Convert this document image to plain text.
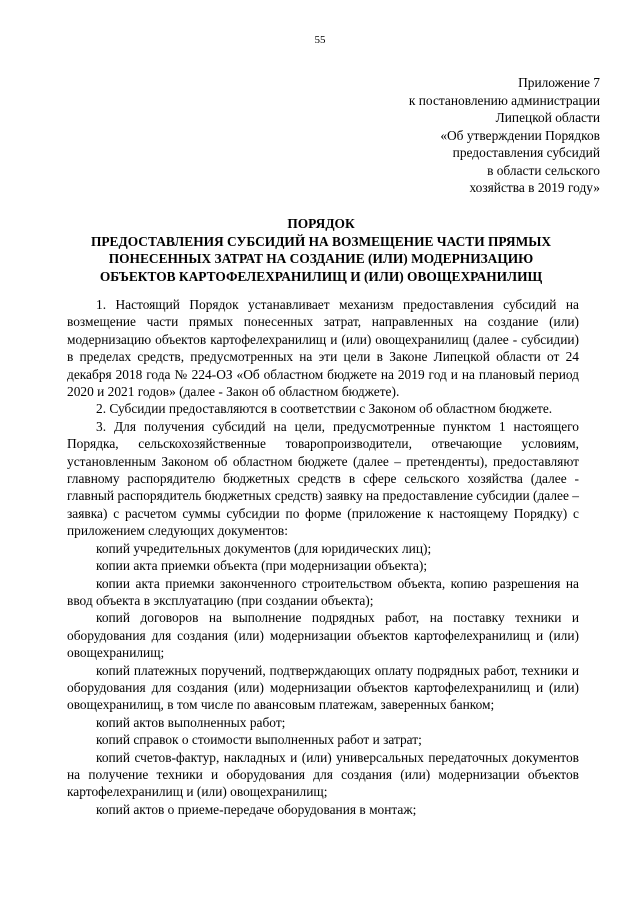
55
Приложение 7
к постановлению администрации
Липецкой области
«Об утверждении Порядков
предоставления субсидий
в области сельского
хозяйства в 2019 году»
ПОРЯДОК
ПРЕДОСТАВЛЕНИЯ СУБСИДИЙ НА ВОЗМЕЩЕНИЕ ЧАСТИ ПРЯМЫХ
ПОНЕСЕННЫХ ЗАТРАТ НА СОЗДАНИЕ (ИЛИ) МОДЕРНИЗАЦИЮ
ОБЪЕКТОВ КАРТОФЕЛЕХРАНИЛИЩ И (ИЛИ) ОВОЩЕХРАНИЛИЩ

1. Настоящий Порядок устанавливает механизм предоставления субсидий на возмещение части прямых понесенных затрат, направленных на создание (или) модернизацию объектов картофелехранилищ и (или) овощехранилищ (далее - субсидии) в пределах средств, предусмотренных на эти цели в Законе Липецкой области от 24 декабря 2018 года № 224-ОЗ «Об областном бюджете на 2019 год и на плановый период 2020 и 2021 годов» (далее - Закон об областном бюджете).

2. Субсидии предоставляются в соответствии с Законом об областном бюджете.

3. Для получения субсидий на цели, предусмотренные пунктом 1 настоящего Порядка, сельскохозяйственные товаропроизводители, отвечающие условиям, установленным Законом об областном бюджете (далее – претенденты), предоставляют главному распорядителю бюджетных средств в сфере сельского хозяйства (далее - главный распорядитель бюджетных средств) заявку на предоставление субсидии (далее – заявка) с расчетом суммы субсидии по форме (приложение к настоящему Порядку) с приложением следующих документов:

копий учредительных документов (для юридических лиц);

копии акта приемки объекта (при модернизации объекта);

копии акта приемки законченного строительством объекта, копию разрешения на ввод объекта в эксплуатацию (при создании объекта);

копий договоров на выполнение подрядных работ, на поставку техники и оборудования для создания (или) модернизации объектов картофелехранилищ и (или) овощехранилищ;

копий платежных поручений, подтверждающих оплату подрядных работ, техники и оборудования для создания (или) модернизации объектов картофелехранилищ и (или) овощехранилищ, в том числе по авансовым платежам, заверенных банком;

копий актов выполненных работ;

копий справок о стоимости выполненных работ и затрат;

копий счетов-фактур, накладных и (или) универсальных передаточных документов на получение техники и оборудования для создания (или) модернизации объектов картофелехранилищ и (или) овощехранилищ;

копий актов о приеме-передаче оборудования в монтаж;
